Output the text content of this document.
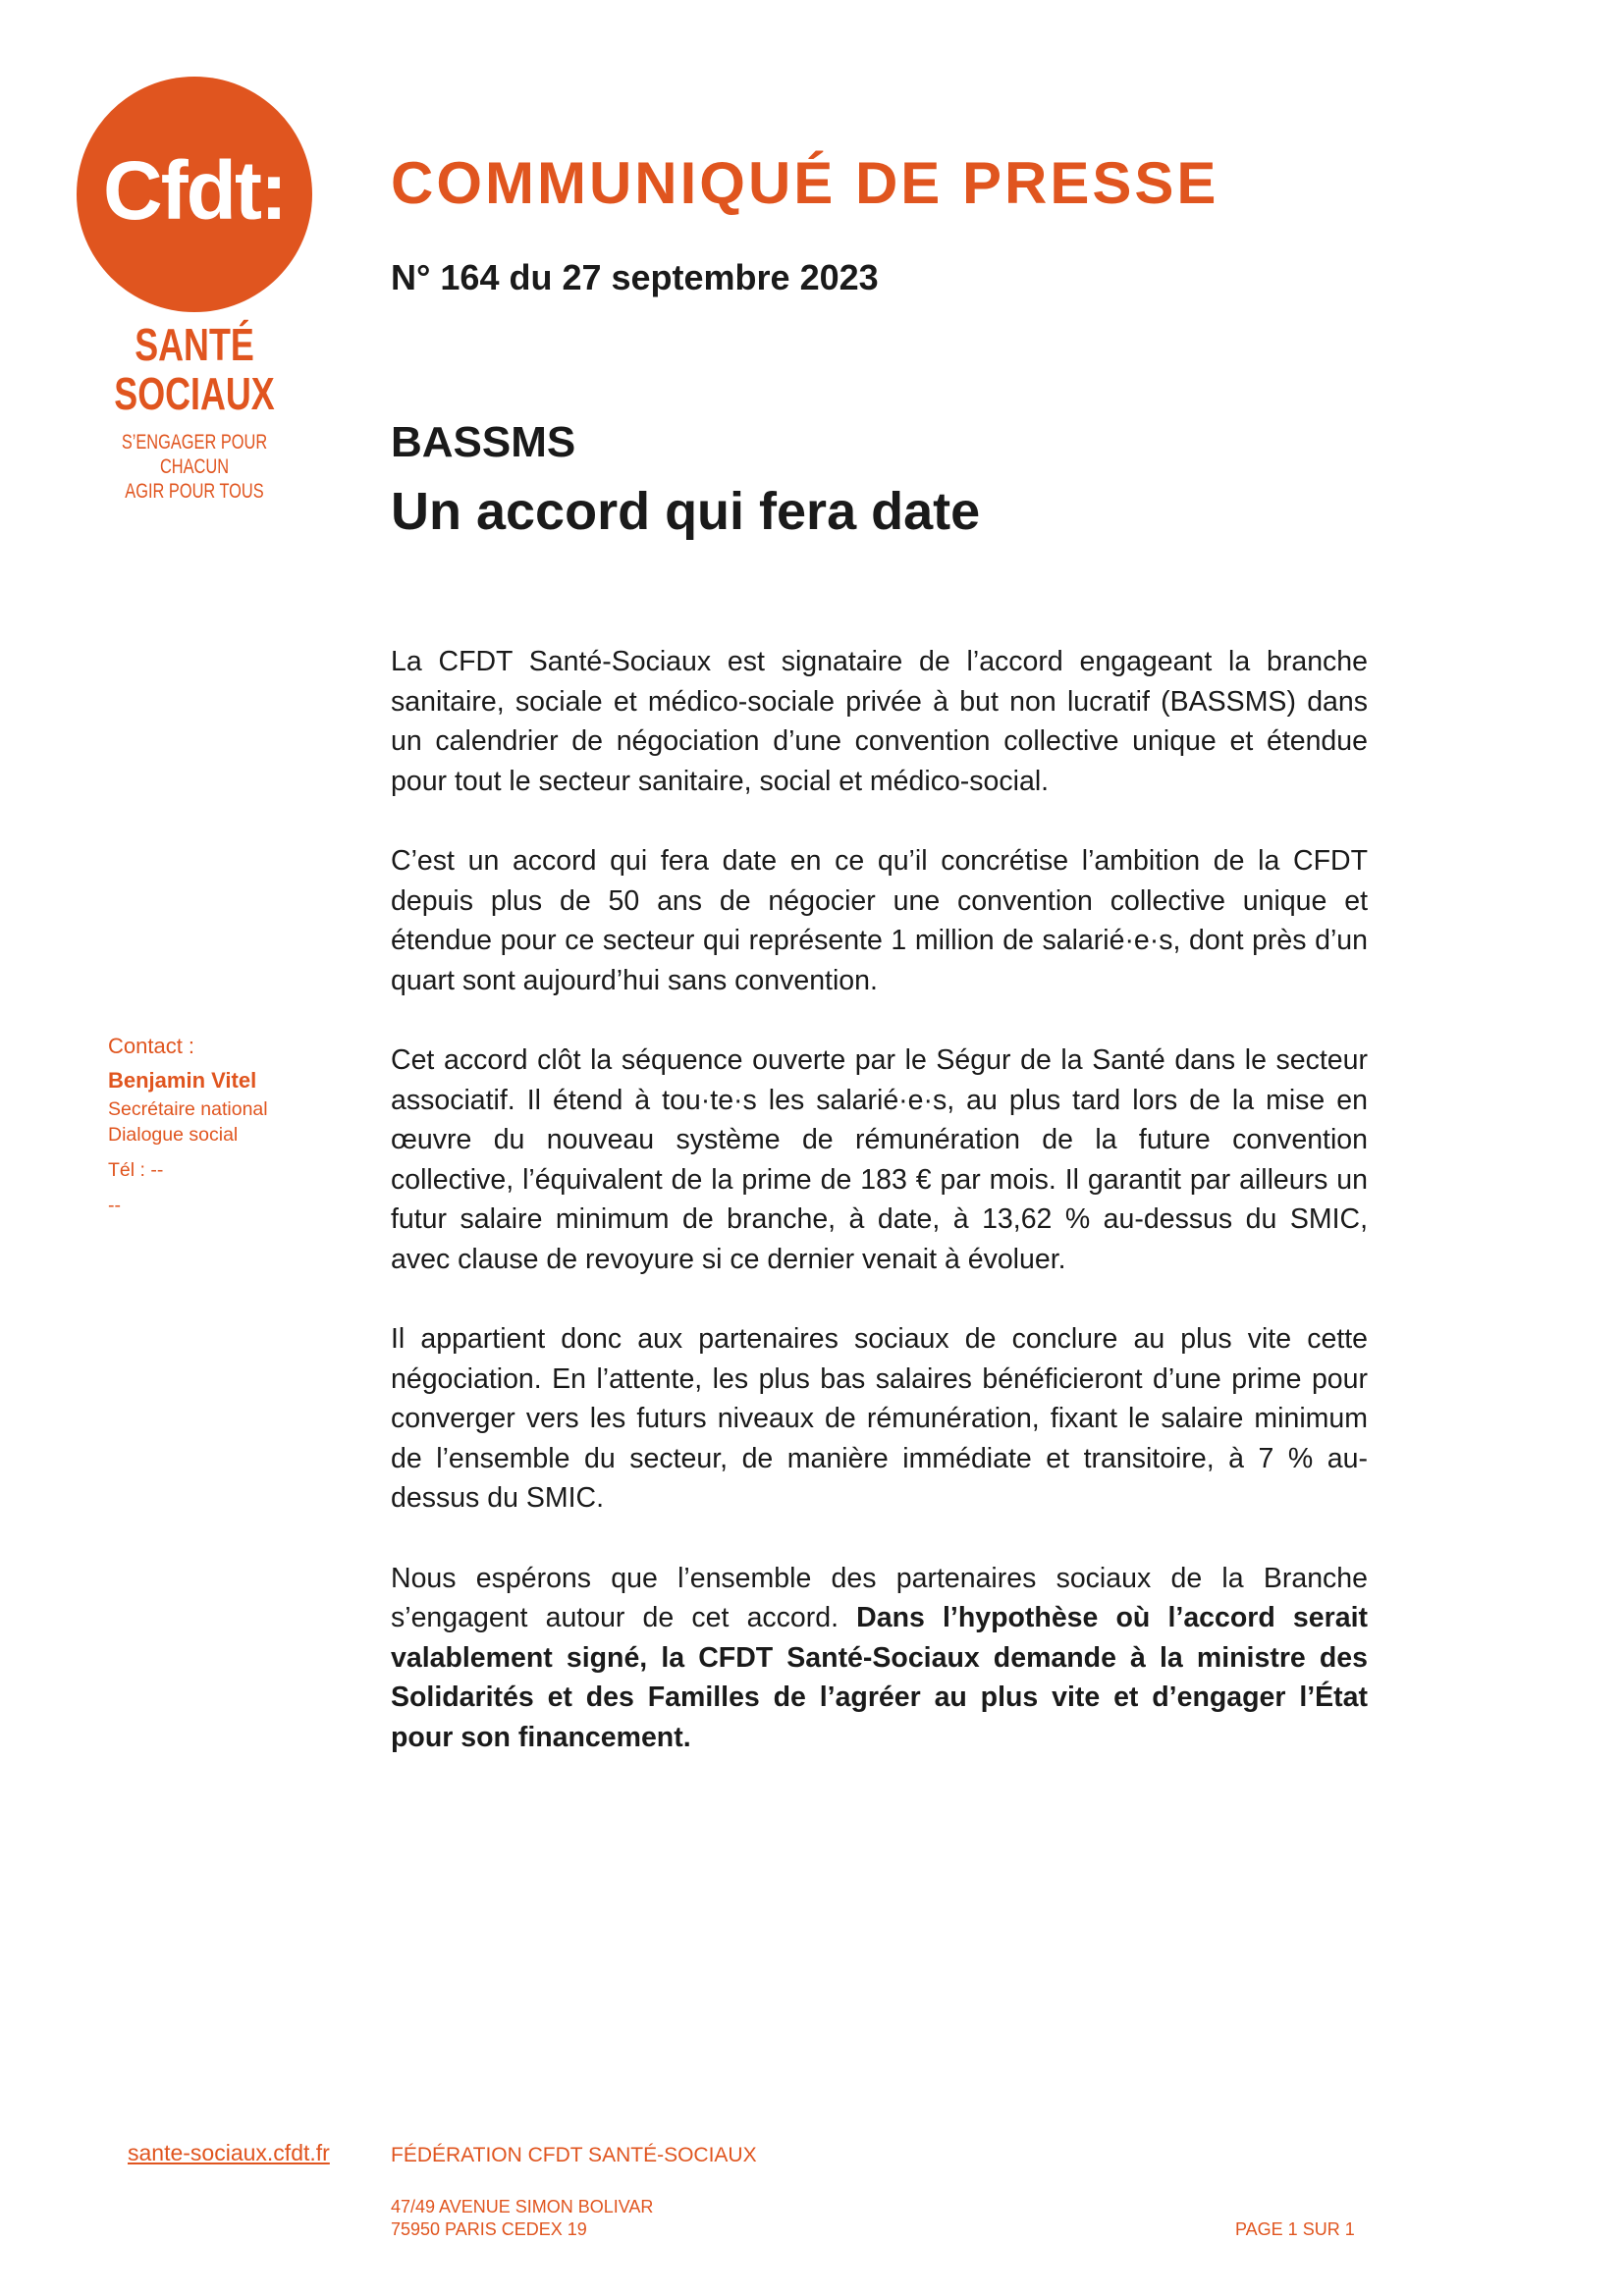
Cfdt:
SANTÉ
SOCIAUX
S’ENGAGER POUR CHACUN
AGIR POUR TOUS
COMMUNIQUÉ DE PRESSE
N° 164 du 27 septembre 2023
BASSMS
Un accord qui fera date

La CFDT Santé-Sociaux est signataire de l’accord engageant la branche sanitaire, sociale et médico-sociale privée à but non lucratif (BASSMS) dans un calendrier de négociation d’une convention collective unique et étendue pour tout le secteur sanitaire, social et médico-social.

C’est un accord qui fera date en ce qu’il concrétise l’ambition de la CFDT depuis plus de 50 ans de négocier une convention collective unique et étendue pour ce secteur qui représente 1 million de salarié·e·s, dont près d’un quart sont aujourd’hui sans convention.

Cet accord clôt la séquence ouverte par le Ségur de la Santé dans le secteur associatif. Il étend à tou·te·s les salarié·e·s, au plus tard lors de la mise en œuvre du nouveau système de rémunération de la future convention collective, l’équivalent de la prime de 183 € par mois. Il garantit par ailleurs un futur salaire minimum de branche, à date, à 13,62 % au-dessus du SMIC, avec clause de revoyure si ce dernier venait à évoluer.

Il appartient donc aux partenaires sociaux de conclure au plus vite cette négociation. En l’attente, les plus bas salaires bénéficieront d’une prime pour converger vers les futurs niveaux de rémunération, fixant le salaire minimum de l’ensemble du secteur, de manière immédiate et transitoire, à 7 % au-dessus du SMIC.

Nous espérons que l’ensemble des partenaires sociaux de la Branche s’engagent autour de cet accord. Dans l’hypothèse où l’accord serait valablement signé, la CFDT Santé-Sociaux demande à la ministre des Solidarités et des Familles de l’agréer au plus vite et d’engager l’État pour son financement.

Contact :
Benjamin Vitel
Secrétaire national
Dialogue social
Tél : --
--
sante-sociaux.cfdt.fr	FÉDÉRATION CFDT SANTÉ-SOCIAUX
47/49 AVENUE SIMON BOLIVAR
75950 PARIS CEDEX 19	PAGE 1 SUR 1
